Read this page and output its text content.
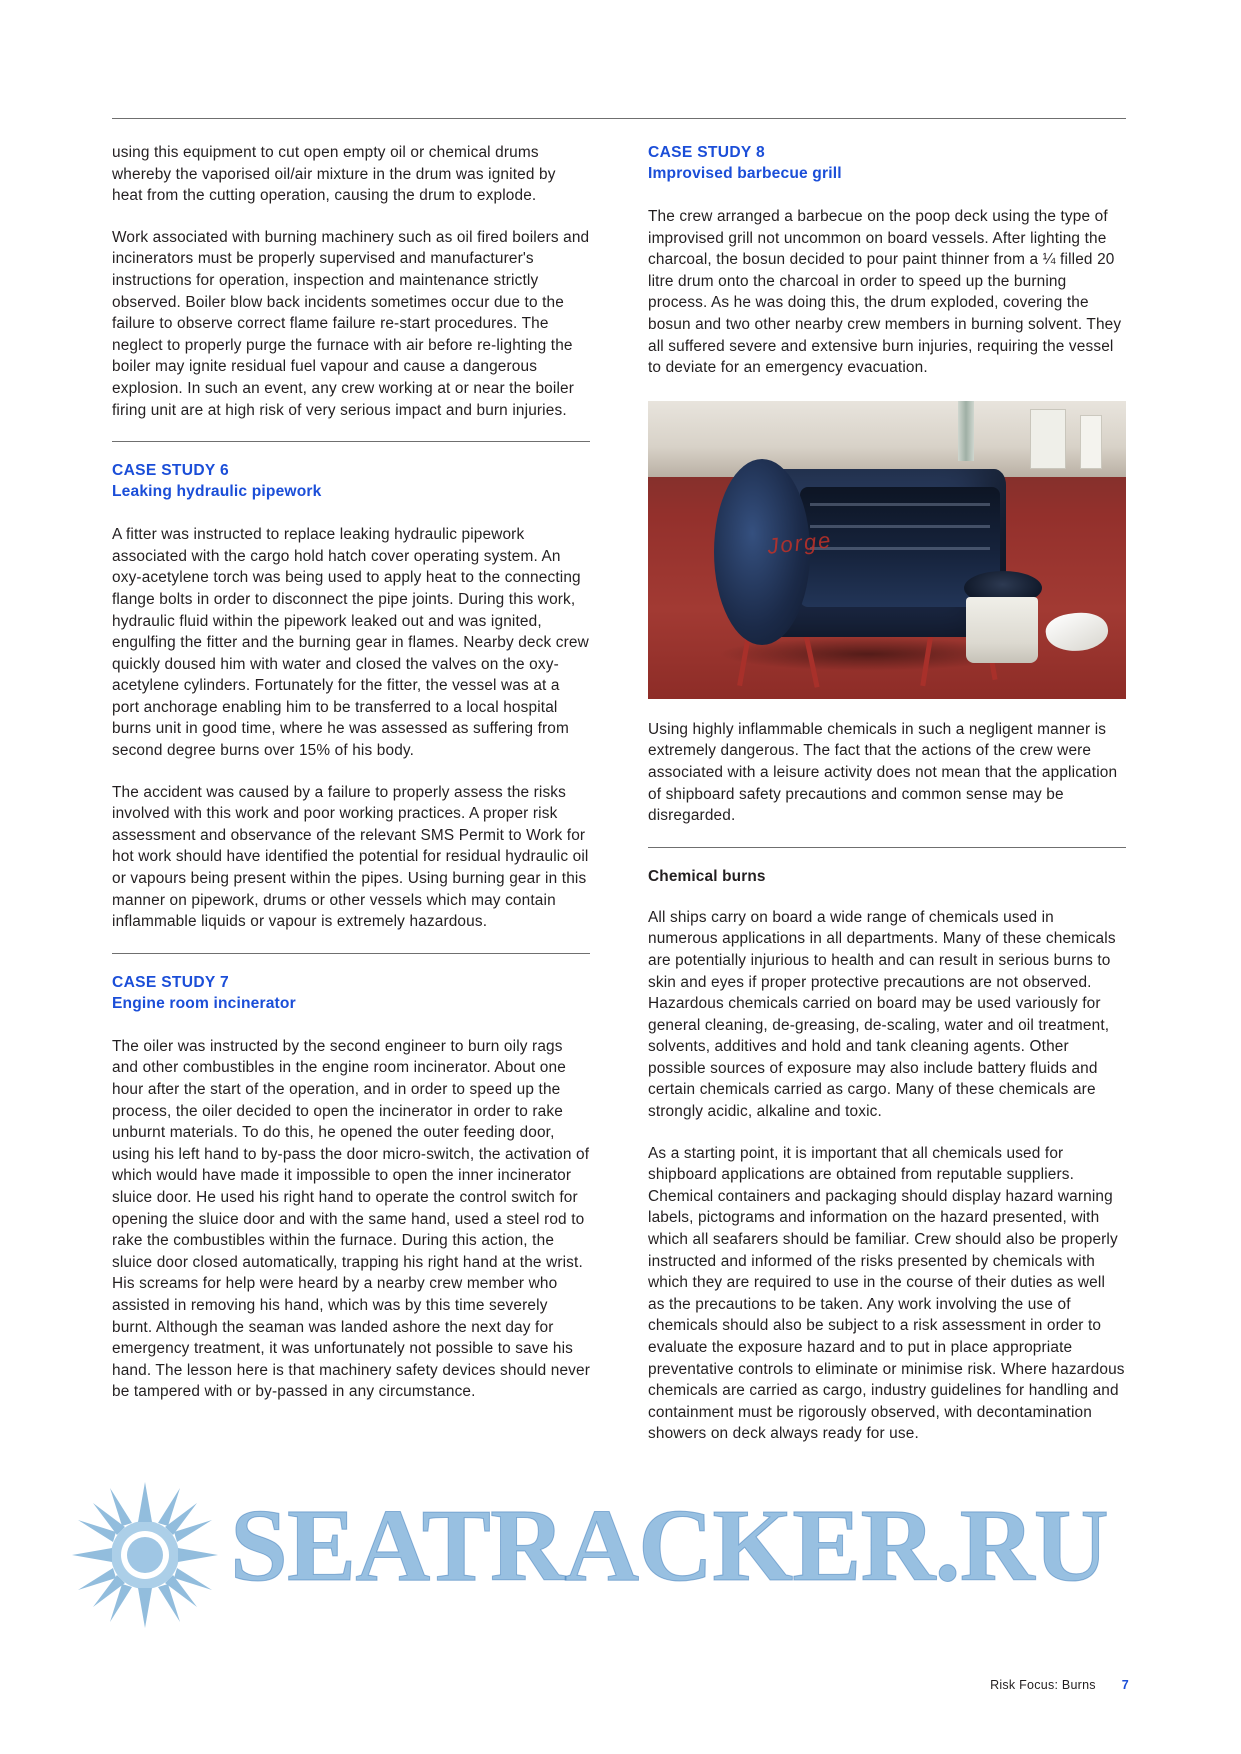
using this equipment to cut open empty oil or chemical drums whereby the vaporised oil/air mixture in the drum was ignited by heat from the cutting operation, causing the drum to explode.

Work associated with burning machinery such as oil fired boilers and incinerators must be properly supervised and manufacturer's instructions for operation, inspection and maintenance strictly observed. Boiler blow back incidents sometimes occur due to the failure to observe correct flame failure re-start procedures. The neglect to properly purge the furnace with air before re-lighting the boiler may ignite residual fuel vapour and cause a dangerous explosion. In such an event, any crew working at or near the boiler firing unit are at high risk of very serious impact and burn injuries.

CASE STUDY 6

Leaking hydraulic pipework

A fitter was instructed to replace leaking hydraulic pipework associated with the cargo hold hatch cover operating system. An oxy-acetylene torch was being used to apply heat to the connecting flange bolts in order to disconnect the pipe joints. During this work, hydraulic fluid within the pipework leaked out and was ignited, engulfing the fitter and the burning gear in flames. Nearby deck crew quickly doused him with water and closed the valves on the oxy-acetylene cylinders. Fortunately for the fitter, the vessel was at a port anchorage enabling him to be transferred to a local hospital burns unit in good time, where he was assessed as suffering from second degree burns over 15% of his body.

The accident was caused by a failure to properly assess the risks involved with this work and poor working practices. A proper risk assessment and observance of the relevant SMS Permit to Work for hot work should have identified the potential for residual hydraulic oil or vapours being present within the pipes. Using burning gear in this manner on pipework, drums or other vessels which may contain inflammable liquids or vapour is extremely hazardous.

CASE STUDY 7

Engine room incinerator

The oiler was instructed by the second engineer to burn oily rags and other combustibles in the engine room incinerator. About one hour after the start of the operation, and in order to speed up the process, the oiler decided to open the incinerator in order to rake unburnt materials. To do this, he opened the outer feeding door, using his left hand to by-pass the door micro-switch, the activation of which would have made it impossible to open the inner incinerator sluice door. He used his right hand to operate the control switch for opening the sluice door and with the same hand, used a steel rod to rake the combustibles within the furnace. During this action, the sluice door closed automatically, trapping his right hand at the wrist. His screams for help were heard by a nearby crew member who assisted in removing his hand, which was by this time severely burnt. Although the seaman was landed ashore the next day for emergency treatment, it was unfortunately not possible to save his hand. The lesson here is that machinery safety devices should never be tampered with or by-passed in any circumstance.

CASE STUDY 8

Improvised barbecue grill

The crew arranged a barbecue on the poop deck using the type of improvised grill not uncommon on board vessels. After lighting the charcoal, the bosun decided to pour paint thinner from a ¼ filled 20 litre drum onto the charcoal in order to speed up the burning process. As he was doing this, the drum exploded, covering the bosun and two other nearby crew members in burning solvent. They all suffered severe and extensive burn injuries, requiring the vessel to deviate for an emergency evacuation.

Jorge

Using highly inflammable chemicals in such a negligent manner is extremely dangerous. The fact that the actions of the crew were associated with a leisure activity does not mean that the application of shipboard safety precautions and common sense may be disregarded.

Chemical burns

All ships carry on board a wide range of chemicals used in numerous applications in all departments. Many of these chemicals are potentially injurious to health and can result in serious burns to skin and eyes if proper protective precautions are not observed. Hazardous chemicals carried on board may be used variously for general cleaning, de-greasing, de-scaling, water and oil treatment, solvents, additives and hold and tank cleaning agents. Other possible sources of exposure may also include battery fluids and certain chemicals carried as cargo. Many of these chemicals are strongly acidic, alkaline and toxic.

As a starting point, it is important that all chemicals used for shipboard applications are obtained from reputable suppliers. Chemical containers and packaging should display hazard warning labels, pictograms and information on the hazard presented, with which all seafarers should be familiar. Crew should also be properly instructed and informed of the risks presented by chemicals with which they are required to use in the course of their duties as well as the precautions to be taken. Any work involving the use of chemicals should also be subject to a risk assessment in order to evaluate the exposure hazard and to put in place appropriate preventative controls to eliminate or minimise risk. Where hazardous chemicals are carried as cargo, industry guidelines for handling and containment must be rigorously observed, with decontamination showers on deck always ready for use.

Risk Focus: Burns 7
SEATRACKER.RU
